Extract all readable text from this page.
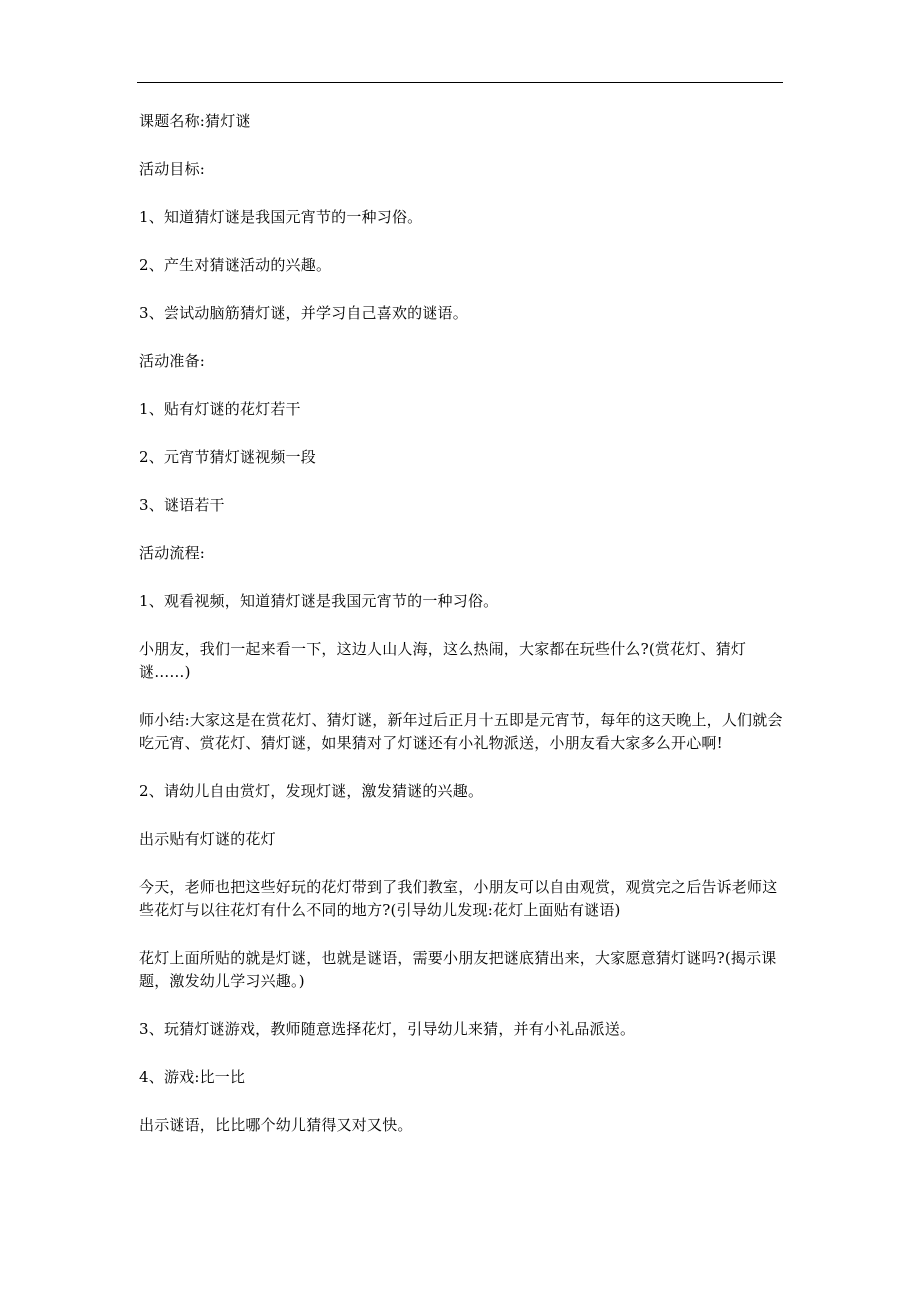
课题名称:猜灯谜

活动目标:

1、知道猜灯谜是我国元宵节的一种习俗。

2、产生对猜谜活动的兴趣。

3、尝试动脑筋猜灯谜，并学习自己喜欢的谜语。

活动准备:

1、贴有灯谜的花灯若干

2、元宵节猜灯谜视频一段

3、谜语若干

活动流程:

1、观看视频，知道猜灯谜是我国元宵节的一种习俗。

小朋友，我们一起来看一下，这边人山人海，这么热闹，大家都在玩些什么?(赏花灯、猜灯谜……)

师小结:大家这是在赏花灯、猜灯谜，新年过后正月十五即是元宵节，每年的这天晚上，人们就会吃元宵、赏花灯、猜灯谜，如果猜对了灯谜还有小礼物派送，小朋友看大家多么开心啊!

2、请幼儿自由赏灯，发现灯谜，激发猜谜的兴趣。

出示贴有灯谜的花灯

今天，老师也把这些好玩的花灯带到了我们教室，小朋友可以自由观赏，观赏完之后告诉老师这些花灯与以往花灯有什么不同的地方?(引导幼儿发现:花灯上面贴有谜语)

花灯上面所贴的就是灯谜，也就是谜语，需要小朋友把谜底猜出来，大家愿意猜灯谜吗?(揭示课题，激发幼儿学习兴趣。)

3、玩猜灯谜游戏，教师随意选择花灯，引导幼儿来猜，并有小礼品派送。

4、游戏:比一比

出示谜语，比比哪个幼儿猜得又对又快。
